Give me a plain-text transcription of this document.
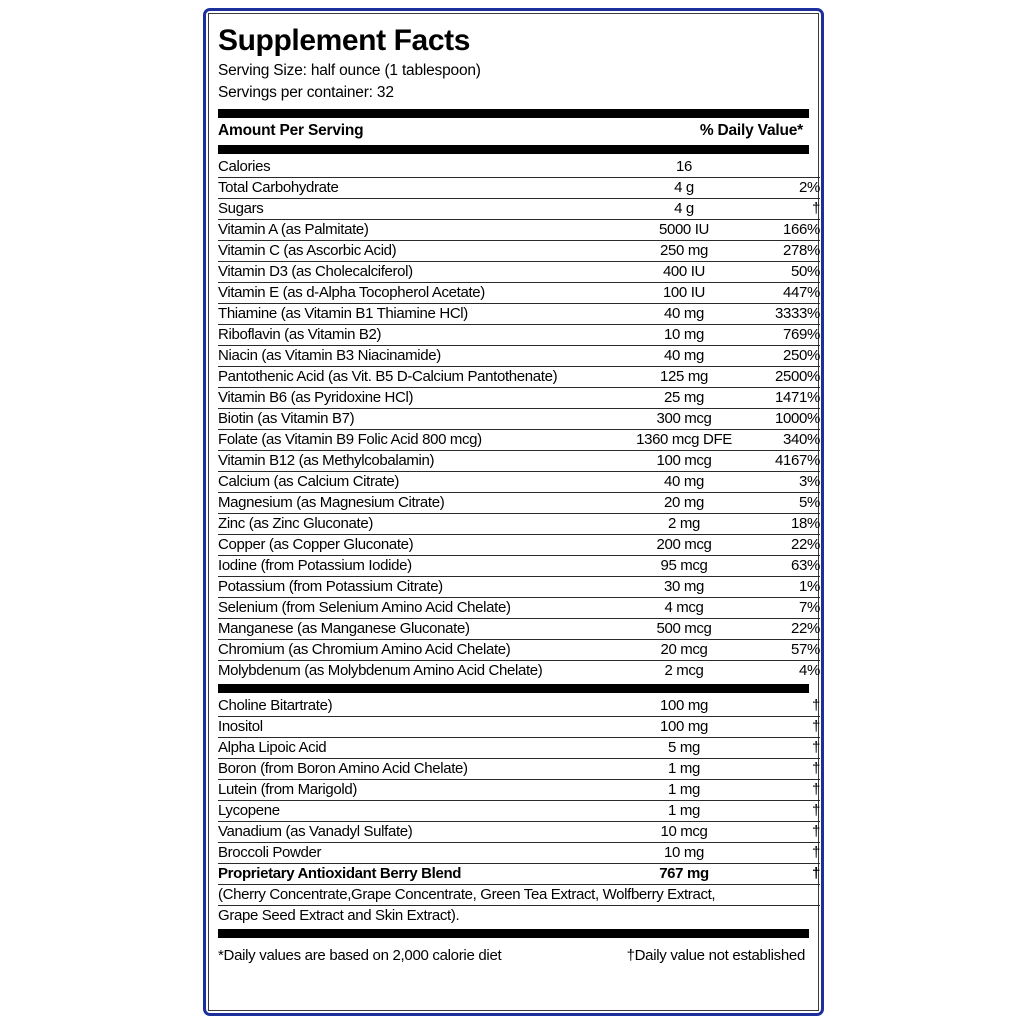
Supplement Facts
Serving Size: half ounce (1 tablespoon)
Servings per container: 32
Amount Per Serving	% Daily Value*
Calories	16	
Total Carbohydrate	4 g	2%
Sugars	4 g	†
Vitamin A (as Palmitate)	5000 IU	166%
Vitamin C (as Ascorbic Acid)	250 mg	278%
Vitamin D3 (as Cholecalciferol)	400 IU	50%
Vitamin E (as d-Alpha Tocopherol Acetate)	100 IU	447%
Thiamine (as Vitamin B1 Thiamine HCl)	40 mg	3333%
Riboflavin (as Vitamin B2)	10 mg	769%
Niacin (as Vitamin B3 Niacinamide)	40 mg	250%
Pantothenic Acid (as Vit. B5 D-Calcium Pantothenate)	125 mg	2500%
Vitamin B6 (as Pyridoxine HCl)	25 mg	1471%
Biotin (as Vitamin B7)	300 mcg	1000%
Folate (as Vitamin B9 Folic Acid 800 mcg)	1360 mcg DFE	340%
Vitamin B12 (as Methylcobalamin)	100 mcg	4167%
Calcium (as Calcium Citrate)	40 mg	3%
Magnesium (as Magnesium Citrate)	20 mg	5%
Zinc (as Zinc Gluconate)	2 mg	18%
Copper (as Copper Gluconate)	200 mcg	22%
Iodine (from Potassium Iodide)	95 mcg	63%
Potassium (from Potassium Citrate)	30 mg	1%
Selenium (from Selenium Amino Acid Chelate)	4 mcg	7%
Manganese (as Manganese Gluconate)	500 mcg	22%
Chromium (as Chromium Amino Acid Chelate)	20 mcg	57%
Molybdenum (as Molybdenum Amino Acid Chelate)	2 mcg	4%
Choline Bitartrate)	100 mg	†
Inositol	100 mg	†
Alpha Lipoic Acid	5 mg	†
Boron (from Boron Amino Acid Chelate)	1 mg	†
Lutein (from Marigold)	1 mg	†
Lycopene	1 mg	†
Vanadium (as Vanadyl Sulfate)	10 mcg	†
Broccoli Powder	10 mg	†
Proprietary Antioxidant Berry Blend	767 mg	†
(Cherry Concentrate,Grape Concentrate, Green Tea Extract, Wolfberry Extract,		
Grape Seed Extract and Skin Extract).		
*Daily values are based on 2,000 calorie diet	†Daily value not established
